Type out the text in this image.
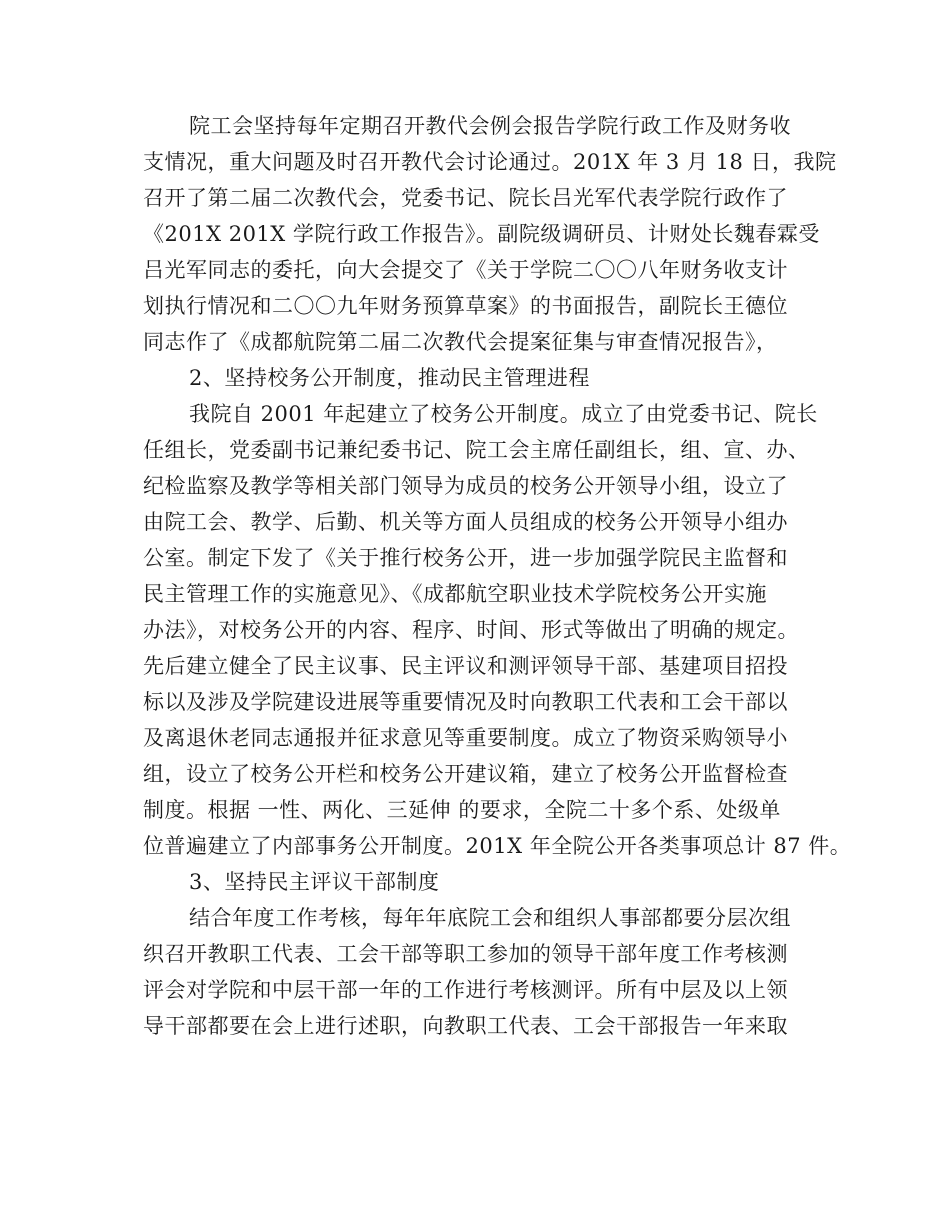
院工会坚持每年定期召开教代会例会报告学院行政工作及财务收
支情况，重大问题及时召开教代会讨论通过。201X 年 3 月 18 日，我院
召开了第二届二次教代会，党委书记、院长吕光军代表学院行政作了
《201X 201X 学院行政工作报告》。副院级调研员、计财处长魏春霖受
吕光军同志的委托，向大会提交了《关于学院二〇〇八年财务收支计
划执行情况和二〇〇九年财务预算草案》的书面报告，副院长王德位
同志作了《成都航院第二届二次教代会提案征集与审查情况报告》，
2、坚持校务公开制度，推动民主管理进程
我院自 2001 年起建立了校务公开制度。成立了由党委书记、院长
任组长，党委副书记兼纪委书记、院工会主席任副组长，组、宣、办、
纪检监察及教学等相关部门领导为成员的校务公开领导小组，设立了
由院工会、教学、后勤、机关等方面人员组成的校务公开领导小组办
公室。制定下发了《关于推行校务公开，进一步加强学院民主监督和
民主管理工作的实施意见》、《成都航空职业技术学院校务公开实施
办法》，对校务公开的内容、程序、时间、形式等做出了明确的规定。
先后建立健全了民主议事、民主评议和测评领导干部、基建项目招投
标以及涉及学院建设进展等重要情况及时向教职工代表和工会干部以
及离退休老同志通报并征求意见等重要制度。成立了物资采购领导小
组，设立了校务公开栏和校务公开建议箱，建立了校务公开监督检查
制度。根据 一性、两化、三延伸 的要求，全院二十多个系、处级单
位普遍建立了内部事务公开制度。201X 年全院公开各类事项总计 87 件。
3、坚持民主评议干部制度
结合年度工作考核，每年年底院工会和组织人事部都要分层次组
织召开教职工代表、工会干部等职工参加的领导干部年度工作考核测
评会对学院和中层干部一年的工作进行考核测评。所有中层及以上领
导干部都要在会上进行述职，向教职工代表、工会干部报告一年来取
